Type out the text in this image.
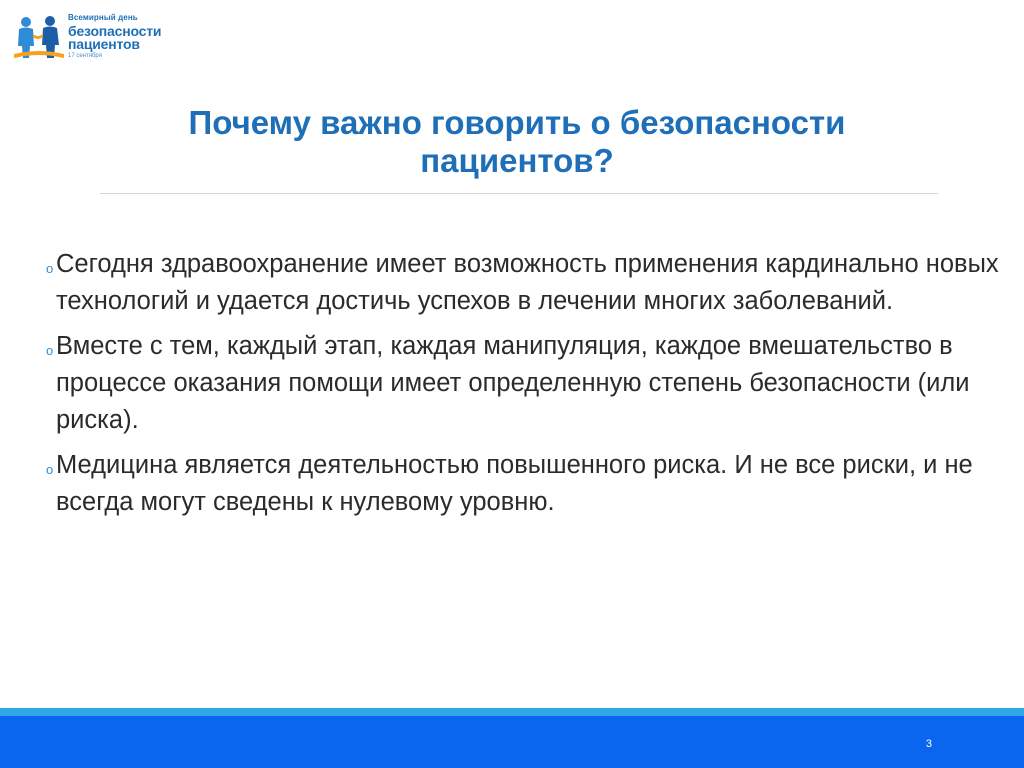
Всемирный день
безопасности
пациентов
17 сентября
Почему важно говорить о безопасности пациентов?
o Сегодня здравоохранение имеет возможность применения кардинально новых технологий и удается достичь успехов в лечении многих заболеваний.
o Вместе с тем, каждый этап, каждая манипуляция, каждое вмешательство в процессе оказания помощи имеет определенную степень безопасности (или риска).
o Медицина является деятельностью повышенного риска. И не все риски, и не всегда могут сведены к нулевому уровню.
3
